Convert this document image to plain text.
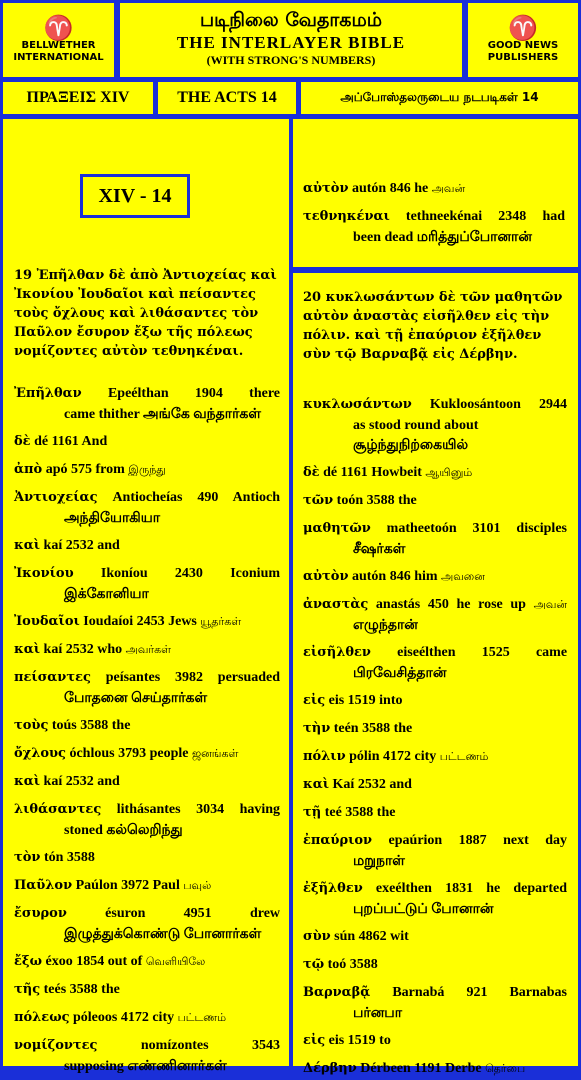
♈
BELLWETHER
INTERNATIONAL
படிநிலை வேதாகமம்
THE INTERLAYER BIBLE
(WITH STRONG'S NUMBERS)
♈
GOOD NEWS
PUBLISHERS
ΠΡΑΞΕΙΣ XIV	THE ACTS 14	அப்போஸ்தலருடைய நடபடிகள் 14
XIV - 14
19 Ἐπῆλθαν δὲ ἀπὸ Ἀντιοχείας καὶ Ἰκονίου Ἰουδαῖοι καὶ πείσαντες τοὺς ὄχλους καὶ λιθάσαντες τὸν Παῦλον ἔσυρον ἔξω τῆς πόλεως νομίζοντες αὐτὸν τεθνηκέναι.
Ἐπῆλθαν Epeélthan 1904 there
came thither அங்கே வந்தார்கள்
δὲ dé 1161 And
ἀπὸ apó 575 from இருந்து
Ἀντιοχείας Antiocheías 490 Antioch
அந்தியோகியா
καὶ kaí 2532 and
Ἰκονίου Ikoníou 2430 Iconium
இக்கோனியா
Ἰουδαῖοι Ioudaíoi 2453 Jews யூதர்கள்
καὶ kaí 2532 who அவர்கள்
πείσαντες peísantes 3982 persuaded
போதனை செய்தார்கள்
τοὺς toús 3588 the
ὄχλους óchlous 3793 people ஜனங்கள்
καὶ kaí 2532 and
λιθάσαντες lithásantes 3034 having
stoned கல்லெறிந்து
τὸν tón 3588
Παῦλον Paúlon 3972 Paul பவுல்
ἔσυρον	ésuron	4951	drew
இழுத்துக்கொண்டு போனார்கள்
ἔξω éxoo 1854 out of வெளியிலே
τῆς teés 3588 the
πόλεως póleoos 4172 city பட்டணம்
νομίζοντες	nomízontes	3543
supposing எண்ணினார்கள்
αὐτὸν autón 846 he அவன்
τεθνηκέναι tethneekénai 2348 had
been dead மரித்துப்போனான்
20 κυκλωσάντων δὲ τῶν μαθητῶν αὐτὸν ἀναστὰς εἰσῆλθεν εἰς τὴν πόλιν. καὶ τῇ ἐπαύριον ἐξῆλθεν σὺν τῷ Βαρναβᾷ εἰς Δέρβην.
κυκλωσάντων Kukloosántoon 2944
as stood round about சூழ்ந்துநிற்கையில்
δὲ dé 1161 Howbeit ஆயினும்
τῶν toón 3588 the
μαθητῶν matheetoón 3101 disciples
சீஷர்கள்
αὐτὸν autón 846 him அவனை
ἀναστὰς anastás 450 he rose up அவன்
எழுந்தான்
εἰσῆλθεν eiseélthen 1525 came
பிரவேசித்தான்
εἰς eis 1519 into
τὴν teén 3588 the
πόλιν pólin 4172 city பட்டணம்
καὶ Kaí 2532 and
τῇ teé 3588 the
ἐπαύριον epaúrion 1887 next day
மறுநாள்
ἐξῆλθεν exeélthen 1831 he departed
புறப்பட்டுப் போனான்
σὺν sún 4862 wit
τῷ toó 3588
Βαρναβᾷ Barnabá 921 Barnabas
பர்னபா
εἰς eis 1519 to
Δέρβην Dérbeen 1191 Derbe தெர்பை
